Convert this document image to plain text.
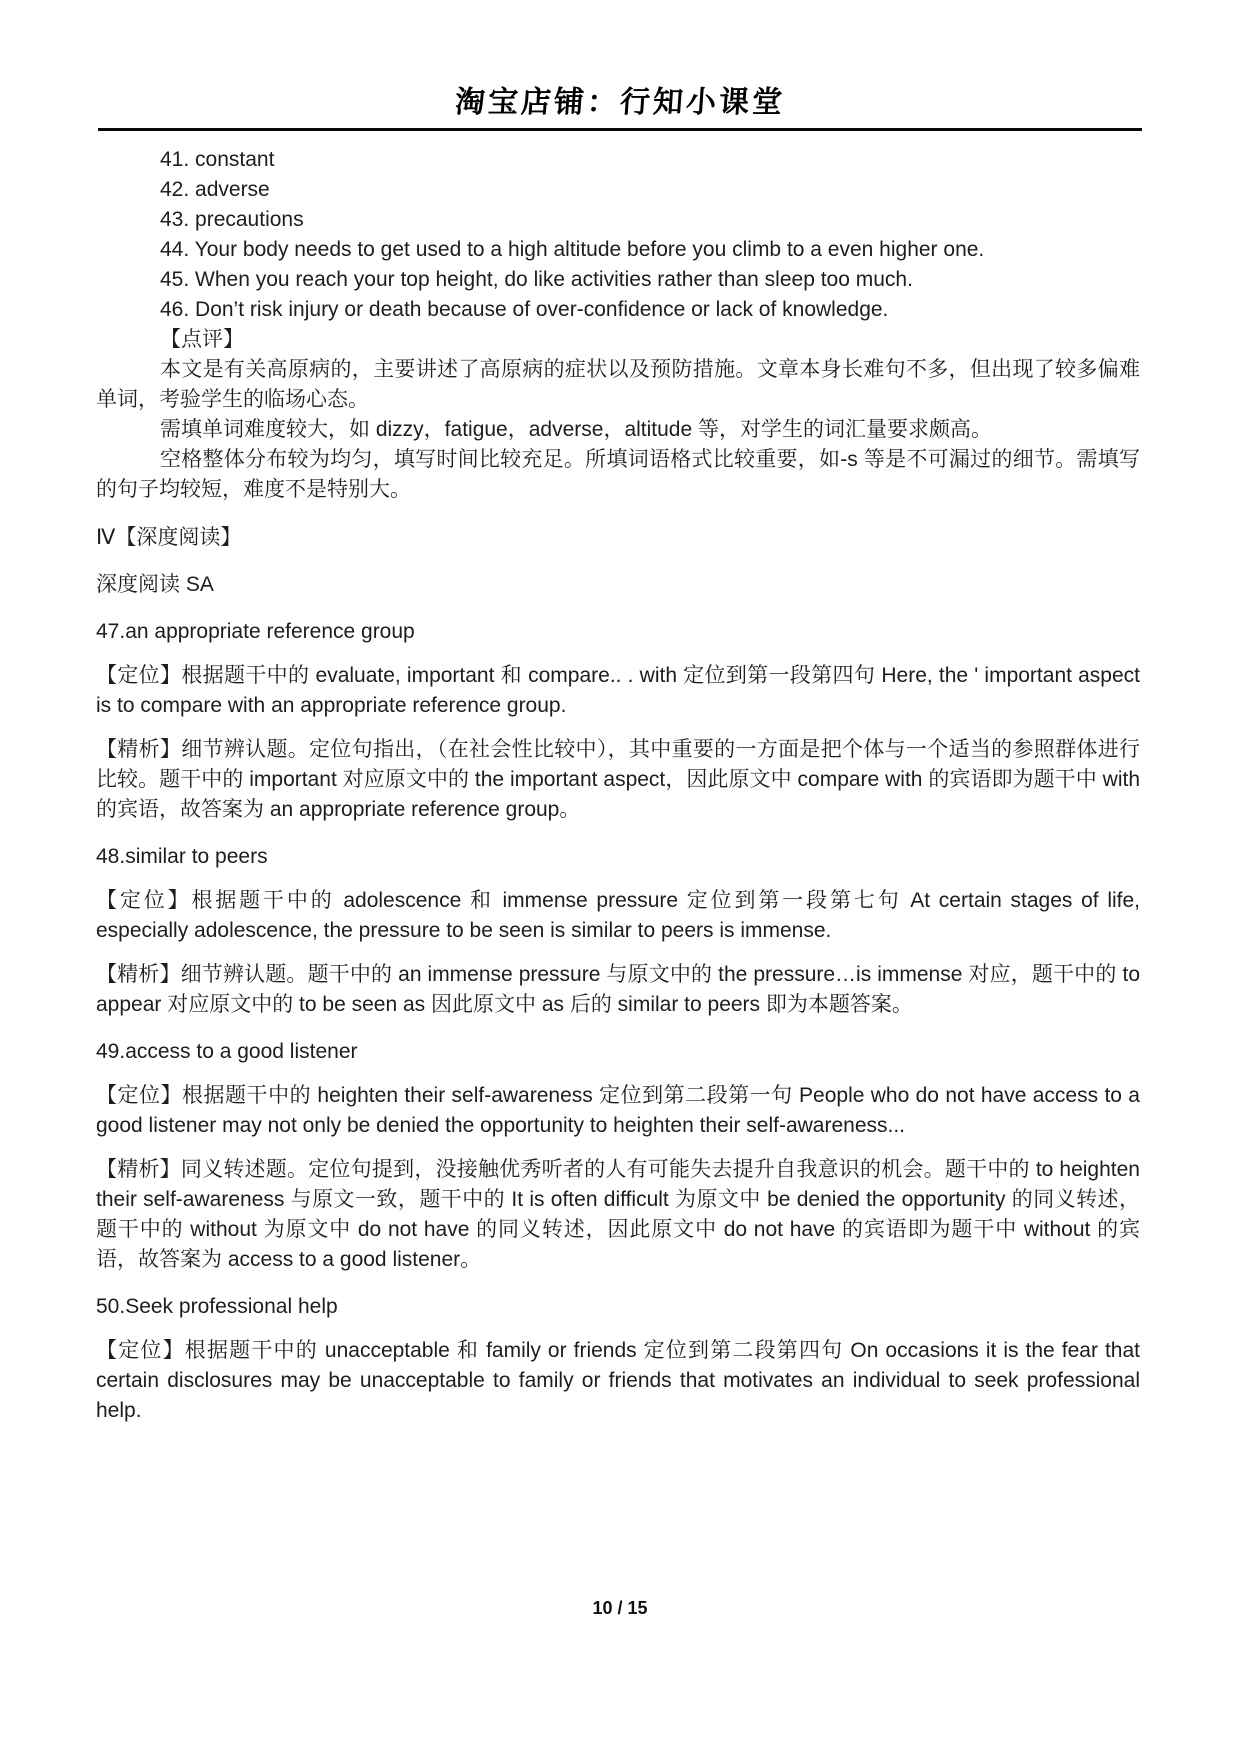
淘宝店铺：行知小课堂

41. constant

42. adverse

43. precautions

44. Your body needs to get used to a high altitude before you climb to a even higher one.

45. When you reach your top height, do like activities rather than sleep too much.

46. Don’t risk injury or death because of over-confidence or lack of knowledge.

【点评】

本文是有关高原病的，主要讲述了高原病的症状以及预防措施。文章本身长难句不多，但出现了较多偏难单词，考验学生的临场心态。

需填单词难度较大，如 dizzy，fatigue，adverse，altitude 等，对学生的词汇量要求颇高。

空格整体分布较为均匀，填写时间比较充足。所填词语格式比较重要，如-s 等是不可漏过的细节。需填写的句子均较短，难度不是特别大。

Ⅳ【深度阅读】

深度阅读 SA

47.an appropriate reference group

【定位】根据题干中的 evaluate, important 和 compare.. . with 定位到第一段第四句 Here, the ' important aspect is to compare with an appropriate reference group.

【精析】细节辨认题。定位句指出，（在社会性比较中），其中重要的一方面是把个体与一个适当的参照群体进行比较。题干中的 important 对应原文中的 the important aspect，因此原文中 compare with 的宾语即为题干中 with 的宾语，故答案为 an appropriate reference group。

48.similar to peers

【定位】根据题干中的 adolescence 和 immense pressure 定位到第一段第七句 At certain stages of life, especially adolescence, the pressure to be seen is similar to peers is immense.

【精析】细节辨认题。题干中的 an immense pressure 与原文中的 the pressure…is immense 对应，题干中的 to appear 对应原文中的 to be seen as 因此原文中 as 后的 similar to peers 即为本题答案。

49.access to a good listener

【定位】根据题干中的 heighten their self-awareness 定位到第二段第一句 People who do not have access to a good listener may not only be denied the opportunity to heighten their self-awareness...

【精析】同义转述题。定位句提到，没接触优秀听者的人有可能失去提升自我意识的机会。题干中的 to heighten their self-awareness 与原文一致，题干中的 It is often difficult 为原文中 be denied the opportunity 的同义转述，题干中的 without 为原文中 do not have 的同义转述，因此原文中 do not have 的宾语即为题干中 without 的宾语，故答案为 access to a good listener。

50.Seek professional help

【定位】根据题干中的 unacceptable 和 family or friends 定位到第二段第四句 On occasions it is the fear that certain disclosures may be unacceptable to family or friends that motivates an individual to seek professional help.

10 / 15
